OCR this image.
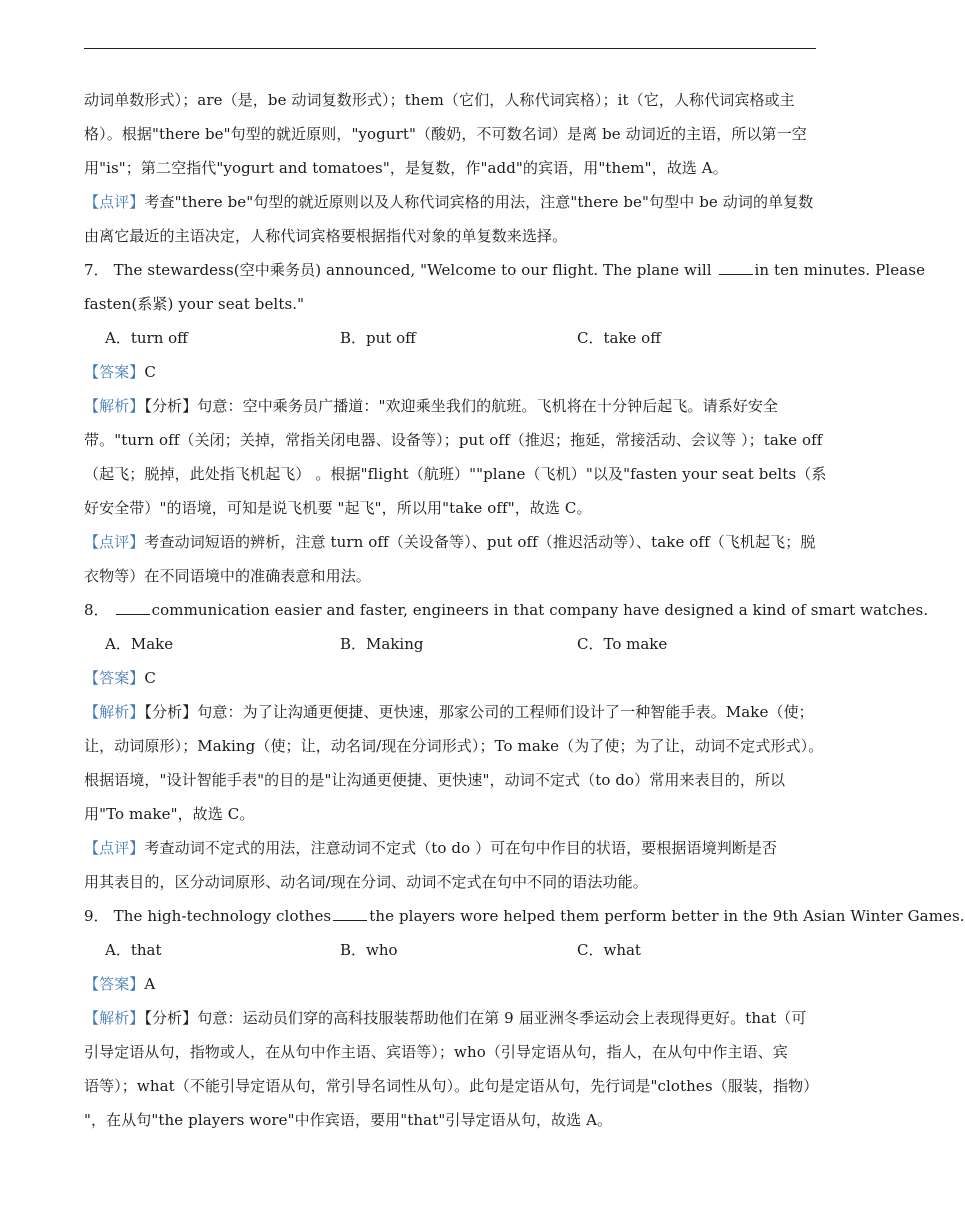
动词单数形式）；are（是，be 动词复数形式）；them（它们，人称代词宾格）；it（它，人称代词宾格或主

格）。根据"there be"句型的就近原则，"yogurt"（酸奶，不可数名词）是离 be 动词近的主语，所以第一空

用"is"；第二空指代"yogurt and tomatoes"，是复数，作"add"的宾语，用"them"，故选 A。

【点评】考查"there be"句型的就近原则以及人称代词宾格的用法，注意"there be"句型中 be 动词的单复数

由离它最近的主语决定，人称代词宾格要根据指代对象的单复数来选择。

7． The stewardess(空中乘务员) announced, "Welcome to our flight. The plane will	in ten minutes. Please

fasten(系紧) your seat belts."

A．turn off	B．put off	C．take off

【答案】C

【解析】【分析】句意：空中乘务员广播道："欢迎乘坐我们的航班。飞机将在十分钟后起飞。请系好安全

带。"turn off（关闭；关掉，常指关闭电器、设备等）；put off（推迟；拖延，常接活动、会议等 ）；take off

（起飞；脱掉，此处指飞机起飞） 。根据"flight（航班）""plane（飞机）"以及"fasten your seat belts（系

好安全带）"的语境，可知是说飞机要 "起飞"，所以用"take off"，故选 C。

【点评】考查动词短语的辨析，注意 turn off（关设备等）、put off（推迟活动等）、take off（飞机起飞；脱

衣物等）在不同语境中的准确表意和用法。

8．	communication easier and faster, engineers in that company have designed a kind of smart watches.

A．Make	B．Making	C．To make

【答案】C

【解析】【分析】句意：为了让沟通更便捷、更快速，那家公司的工程师们设计了一种智能手表。Make（使；

让，动词原形）；Making（使；让，动名词/现在分词形式）；To make（为了使；为了让，动词不定式形式）。

根据语境，"设计智能手表"的目的是"让沟通更便捷、更快速"，动词不定式（to do）常用来表目的，所以

用"To make"，故选 C。

【点评】考查动词不定式的用法，注意动词不定式（to do ）可在句中作目的状语，要根据语境判断是否

用其表目的，区分动词原形、动名词/现在分词、动词不定式在句中不同的语法功能。

9． The high-technology clothes	the players wore helped them perform better in the 9th Asian Winter Games.

A．that	B．who	C．what

【答案】A

【解析】【分析】句意：运动员们穿的高科技服装帮助他们在第 9 届亚洲冬季运动会上表现得更好。that（可

引导定语从句，指物或人，在从句中作主语、宾语等）；who（引导定语从句，指人，在从句中作主语、宾

语等）；what（不能引导定语从句，常引导名词性从句）。此句是定语从句，先行词是"clothes（服装，指物）

"，在从句"the players wore"中作宾语，要用"that"引导定语从句，故选 A。
